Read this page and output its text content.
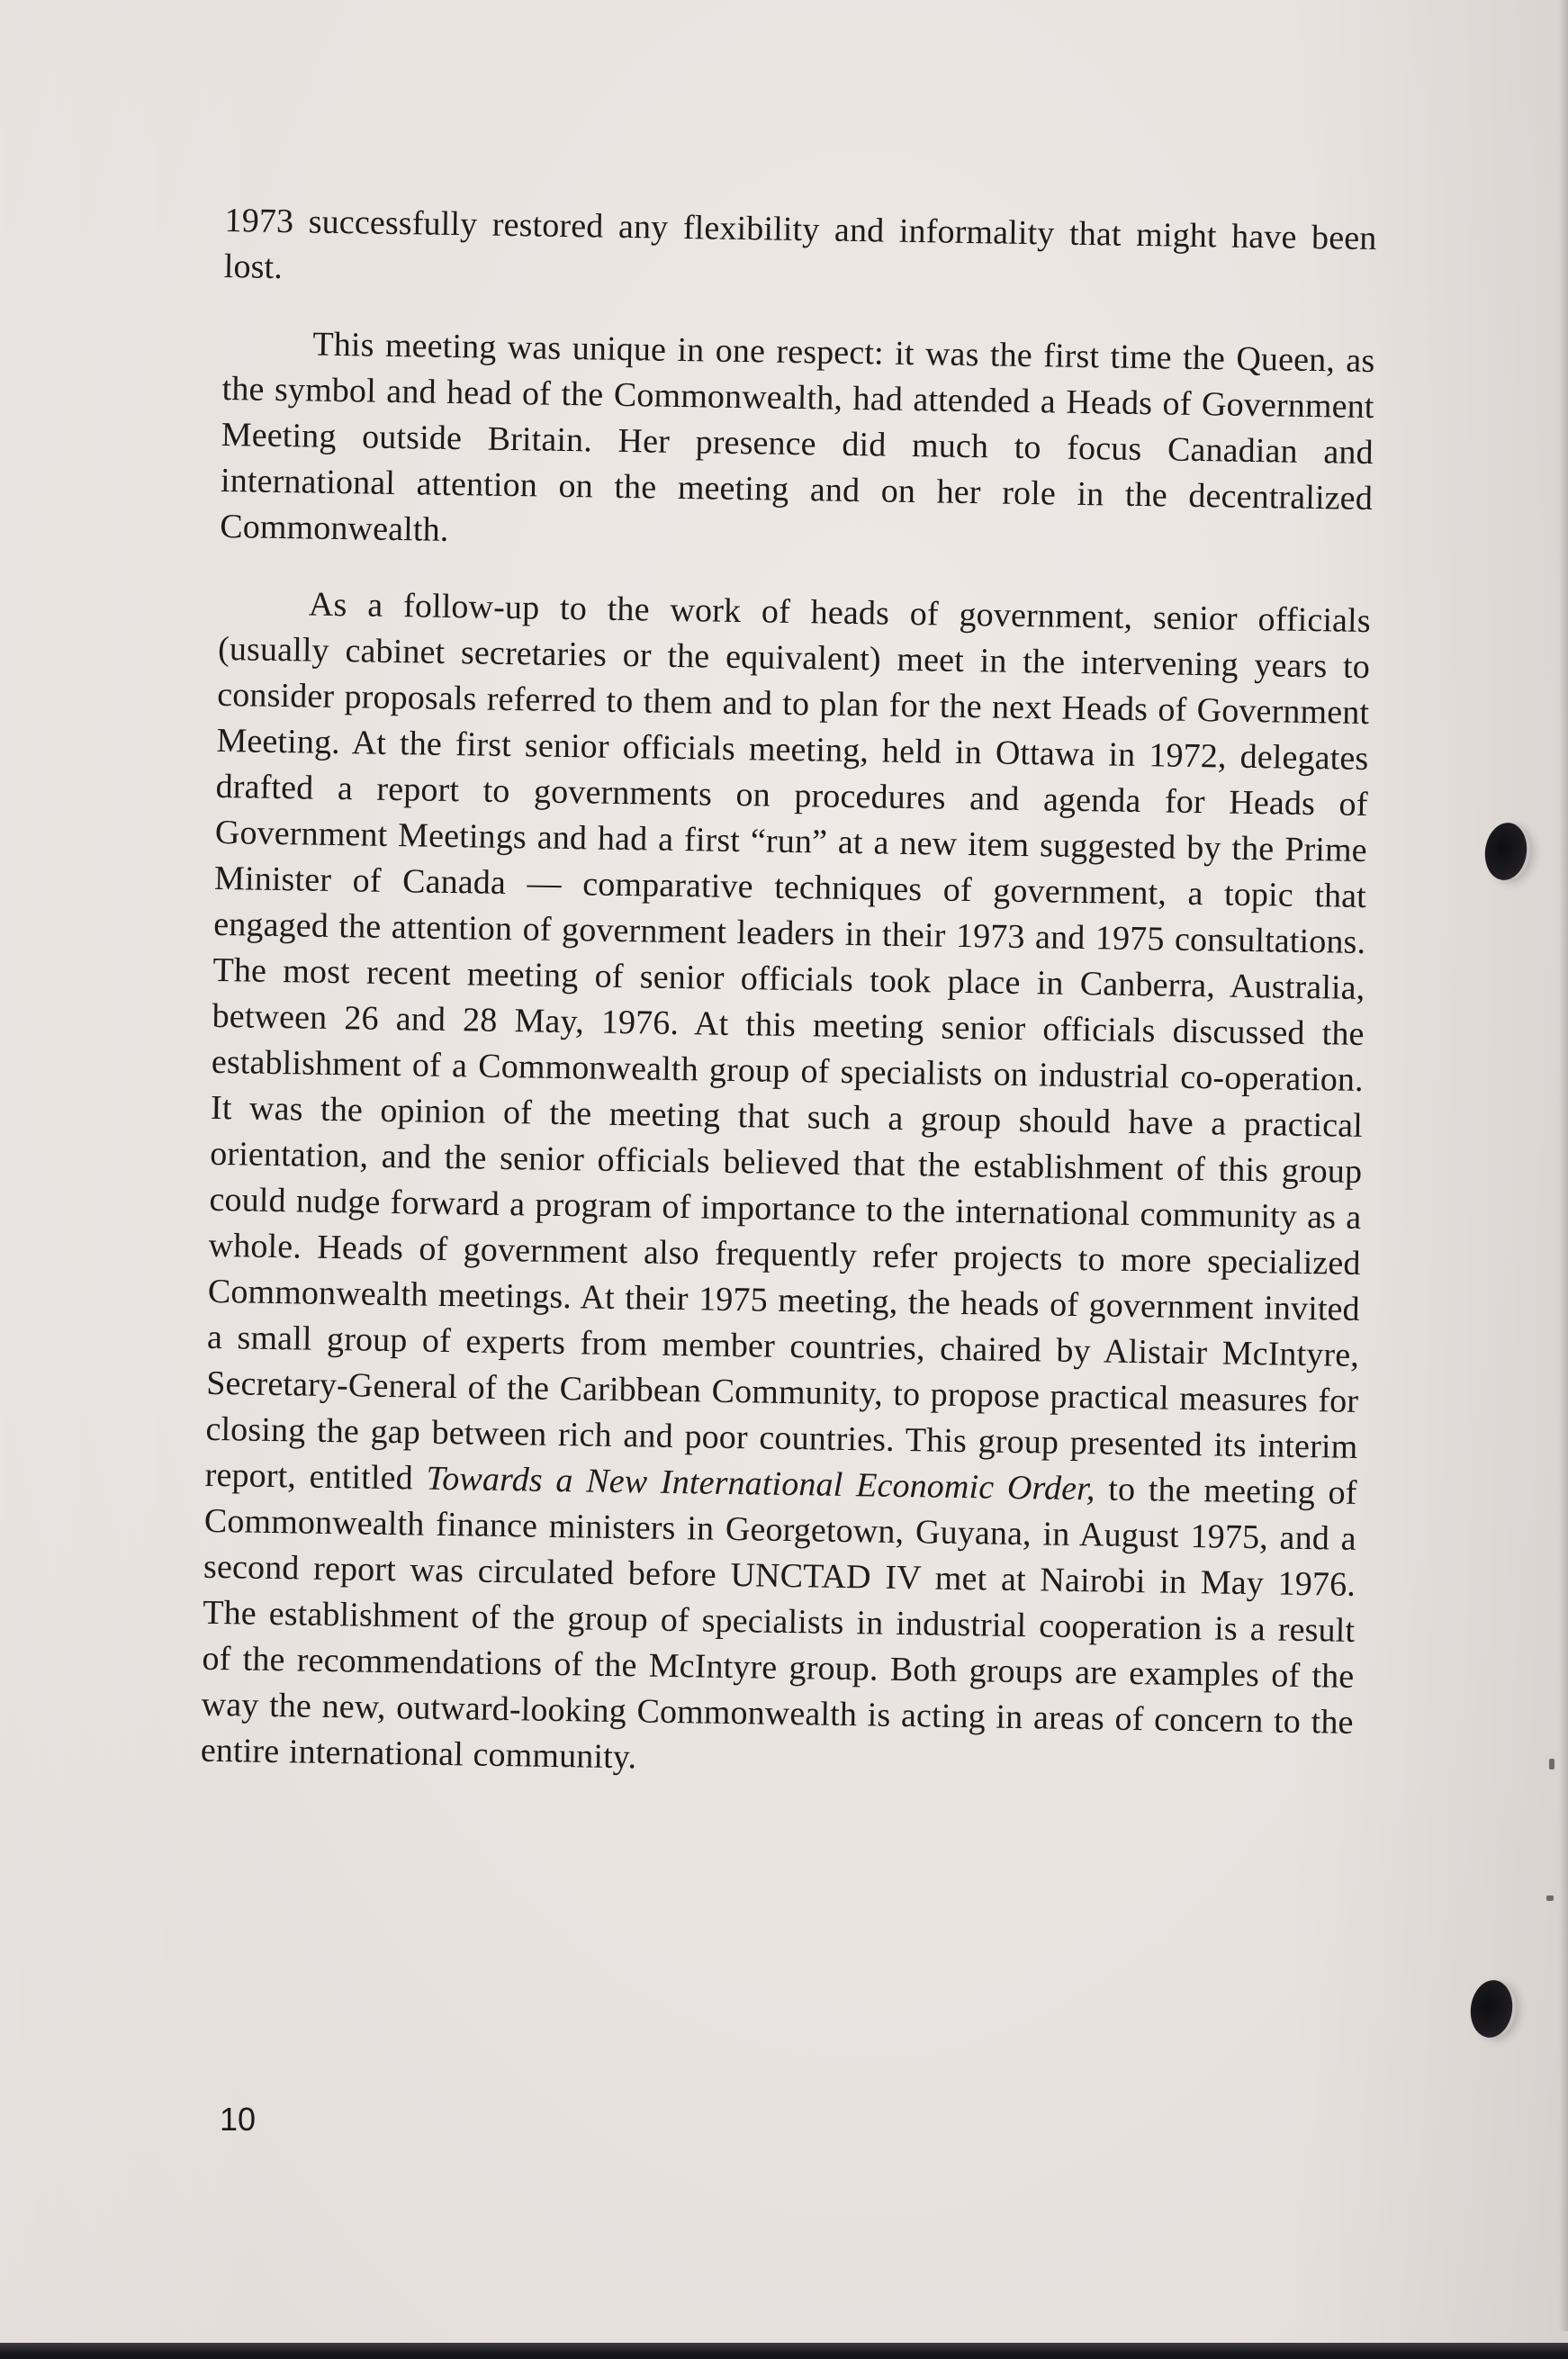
1973 successfully restored any flexibility and informality that might have been lost.

This meeting was unique in one respect: it was the first time the Queen, as the symbol and head of the Commonwealth, had attended a Heads of Government Meeting outside Britain. Her presence did much to focus Canadian and international attention on the meeting and on her role in the decentralized Commonwealth.

As a follow-up to the work of heads of government, senior officials (usually cabinet secretaries or the equivalent) meet in the intervening years to consider proposals referred to them and to plan for the next Heads of Government Meeting. At the first senior officials meeting, held in Ottawa in 1972, delegates drafted a report to governments on procedures and agenda for Heads of Government Meetings and had a first “run” at a new item suggested by the Prime Minister of Canada — comparative techniques of government, a topic that engaged the attention of government leaders in their 1973 and 1975 consultations. The most recent meeting of senior officials took place in Canberra, Australia, between 26 and 28 May, 1976. At this meeting senior officials discussed the establishment of a Commonwealth group of specialists on industrial co-operation. It was the opinion of the meeting that such a group should have a practical orientation, and the senior officials believed that the establishment of this group could nudge forward a program of importance to the international community as a whole. Heads of government also frequently refer projects to more specialized Commonwealth meetings. At their 1975 meeting, the heads of government invited a small group of experts from member countries, chaired by Alistair McIntyre, Secretary-General of the Caribbean Community, to propose practical measures for closing the gap between rich and poor countries. This group presented its interim report, entitled Towards a New International Economic Order, to the meeting of Commonwealth finance ministers in Georgetown, Guyana, in August 1975, and a second report was circulated before UNCTAD IV met at Nairobi in May 1976. The establishment of the group of specialists in industrial cooperation is a result of the recommendations of the McIntyre group. Both groups are examples of the way the new, outward-looking Commonwealth is acting in areas of concern to the entire international community.

10
